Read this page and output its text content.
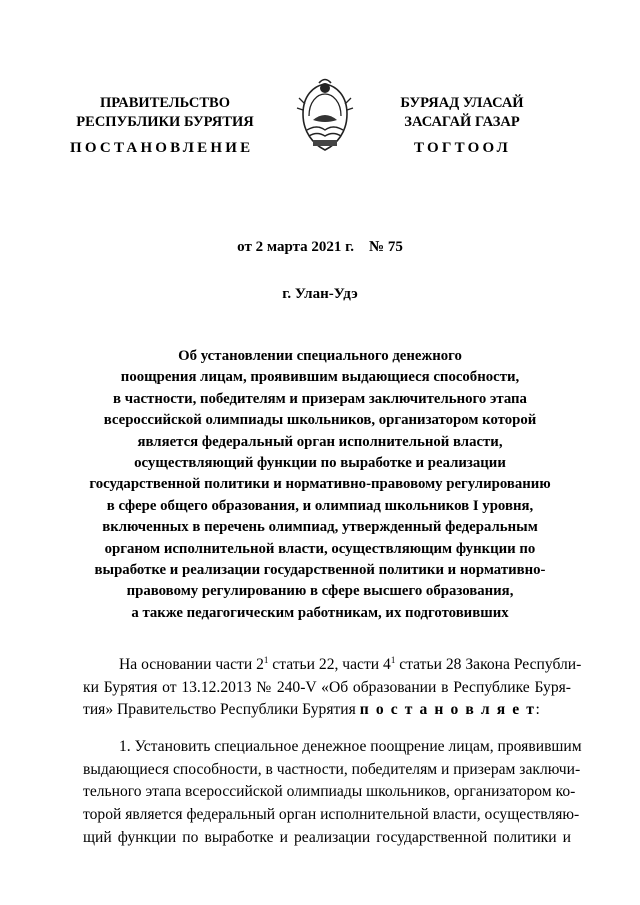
ПРАВИТЕЛЬСТВО
РЕСПУБЛИКИ БУРЯТИЯ
БУРЯАД УЛАСАЙ
ЗАСАГАЙ ГАЗАР
ПОСТАНОВЛЕНИЕ	ТОГТООЛ
от 2 марта 2021 г.    № 75
г. Улан-Удэ
Об установлении специального денежного
поощрения лицам, проявившим выдающиеся способности,
в частности, победителям и призерам заключительного этапа
всероссийской олимпиады школьников, организатором которой
является федеральный орган исполнительной власти,
осуществляющий функции по выработке и реализации
государственной политики и нормативно-правовому регулированию
в сфере общего образования, и олимпиад школьников I уровня,
включенных в перечень олимпиад, утвержденный федеральным
органом исполнительной власти, осуществляющим функции по
выработке и реализации государственной политики и нормативно-
правовому регулированию в сфере высшего образования,
а также педагогическим работникам, их подготовивших
На основании части $2^1$ статьи 22, части $4^1$ статьи 28 Закона Республи-
ки Бурятия от 13.12.2013 № 240-V «Об образовании в Республике Буря-
тия» Правительство Республики Бурятия п о с т а н о в л я е т:
1. Установить специальное денежное поощрение лицам, проявившим
выдающиеся способности, в частности, победителям и призерам заключи-
тельного этапа всероссийской олимпиады школьников, организатором ко-
торой является федеральный орган исполнительной власти, осуществляю-
щий функции по выработке и реализации государственной политики и
